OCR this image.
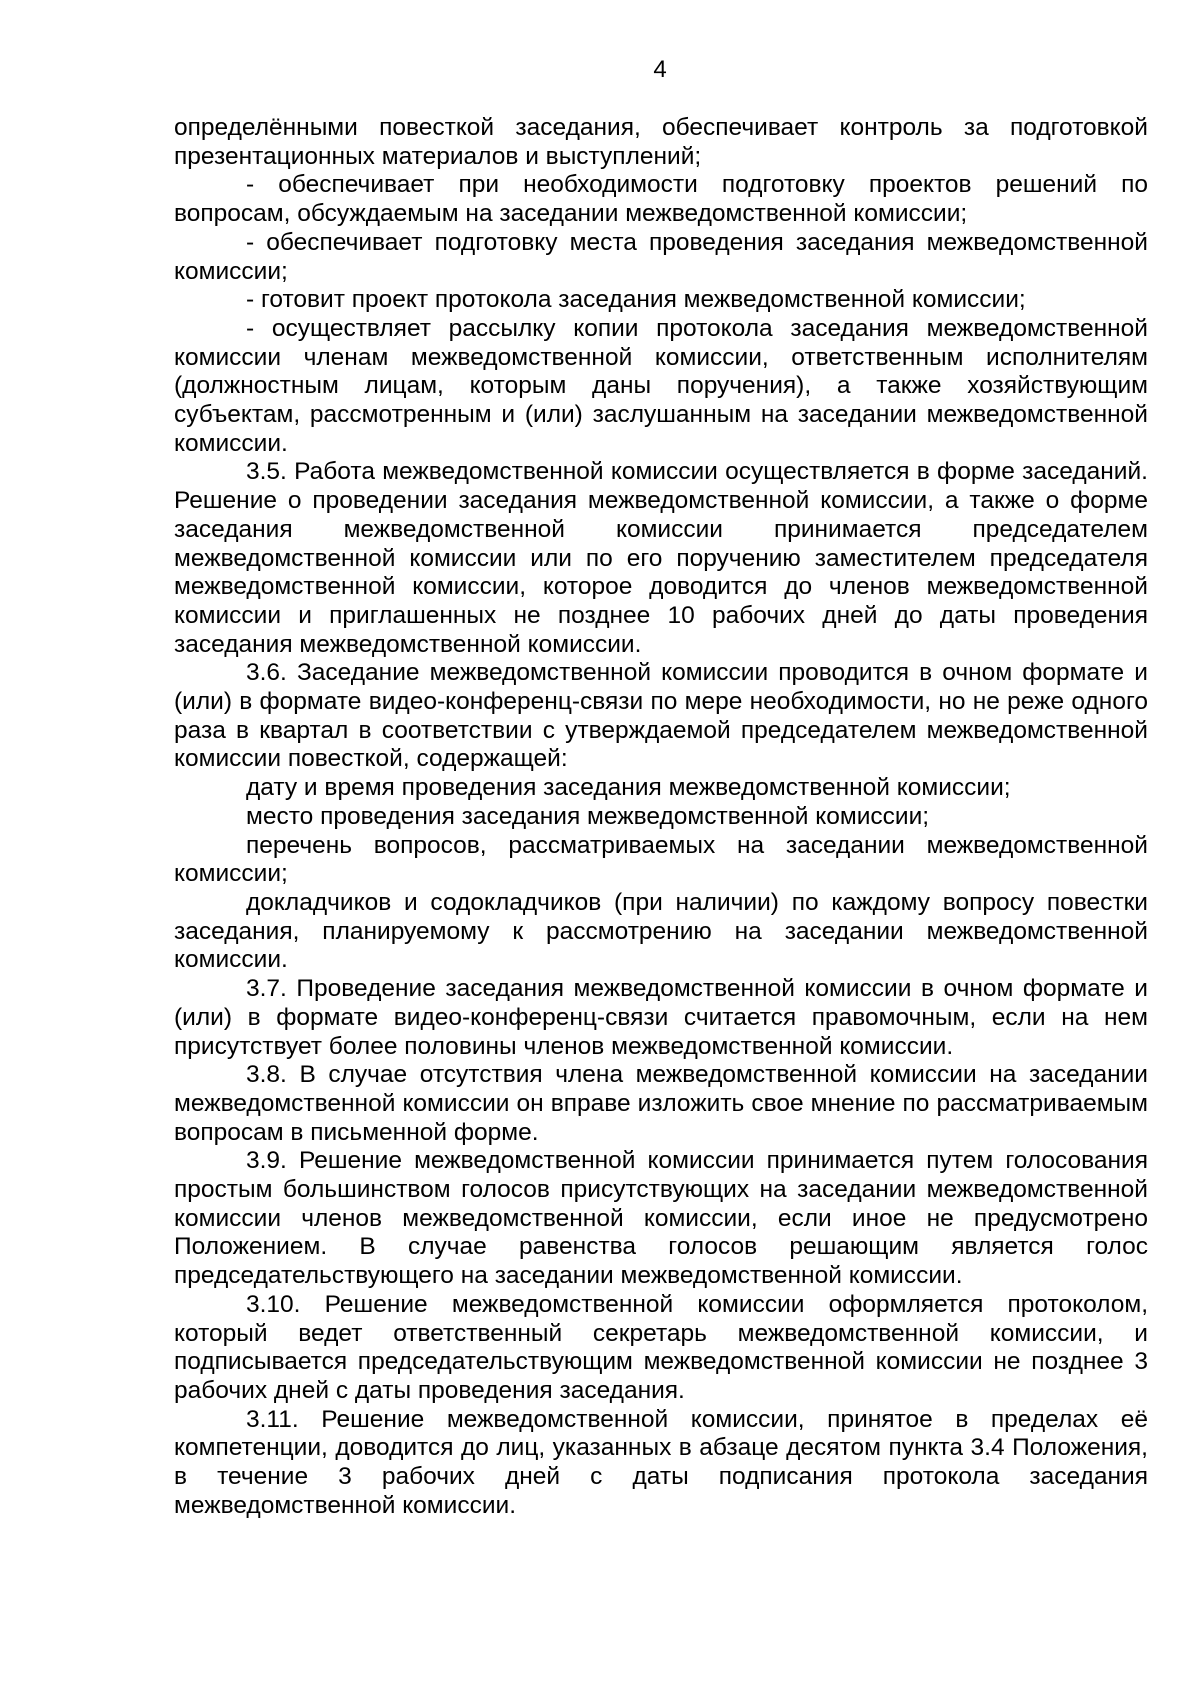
4

определёнными повесткой заседания, обеспечивает контроль за подготовкой презентационных материалов и выступлений;

- обеспечивает при необходимости подготовку проектов решений по вопросам, обсуждаемым на заседании межведомственной комиссии;

- обеспечивает подготовку места проведения заседания межведомственной комиссии;

- готовит проект протокола заседания межведомственной комиссии;

- осуществляет рассылку копии протокола заседания межведомственной комиссии членам межведомственной комиссии, ответственным исполнителям (должностным лицам, которым даны поручения), а также хозяйствующим субъектам, рассмотренным и (или) заслушанным на заседании межведомственной комиссии.

3.5. Работа межведомственной комиссии осуществляется в форме заседаний. Решение о проведении заседания межведомственной комиссии, а также о форме заседания межведомственной комиссии принимается председателем межведомственной комиссии или по его поручению заместителем председателя межведомственной комиссии, которое доводится до членов межведомственной комиссии и приглашенных не позднее 10 рабочих дней до даты проведения заседания межведомственной комиссии.

3.6. Заседание межведомственной комиссии проводится в очном формате и (или) в формате видео-конференц-связи по мере необходимости, но не реже одного раза в квартал в соответствии с утверждаемой председателем межведомственной комиссии повесткой, содержащей:

дату и время проведения заседания межведомственной комиссии;

место проведения заседания межведомственной комиссии;

перечень вопросов, рассматриваемых на заседании межведомственной комиссии;

докладчиков и содокладчиков (при наличии) по каждому вопросу повестки заседания, планируемому к рассмотрению на заседании межведомственной комиссии.

3.7. Проведение заседания межведомственной комиссии в очном формате и (или) в формате видео-конференц-связи считается правомочным, если на нем присутствует более половины членов межведомственной комиссии.

3.8. В случае отсутствия члена межведомственной комиссии на заседании межведомственной комиссии он вправе изложить свое мнение по рассматриваемым вопросам в письменной форме.

3.9. Решение межведомственной комиссии принимается путем голосования простым большинством голосов присутствующих на заседании межведомственной комиссии членов межведомственной комиссии, если иное не предусмотрено Положением. В случае равенства голосов решающим является голос председательствующего на заседании межведомственной комиссии.

3.10. Решение межведомственной комиссии оформляется протоколом, который ведет ответственный секретарь межведомственной комиссии, и подписывается председательствующим межведомственной комиссии не позднее 3 рабочих дней с даты проведения заседания.

3.11. Решение межведомственной комиссии, принятое в пределах её компетенции, доводится до лиц, указанных в абзаце десятом пункта 3.4 Положения, в течение 3 рабочих дней с даты подписания протокола заседания межведомственной комиссии.
